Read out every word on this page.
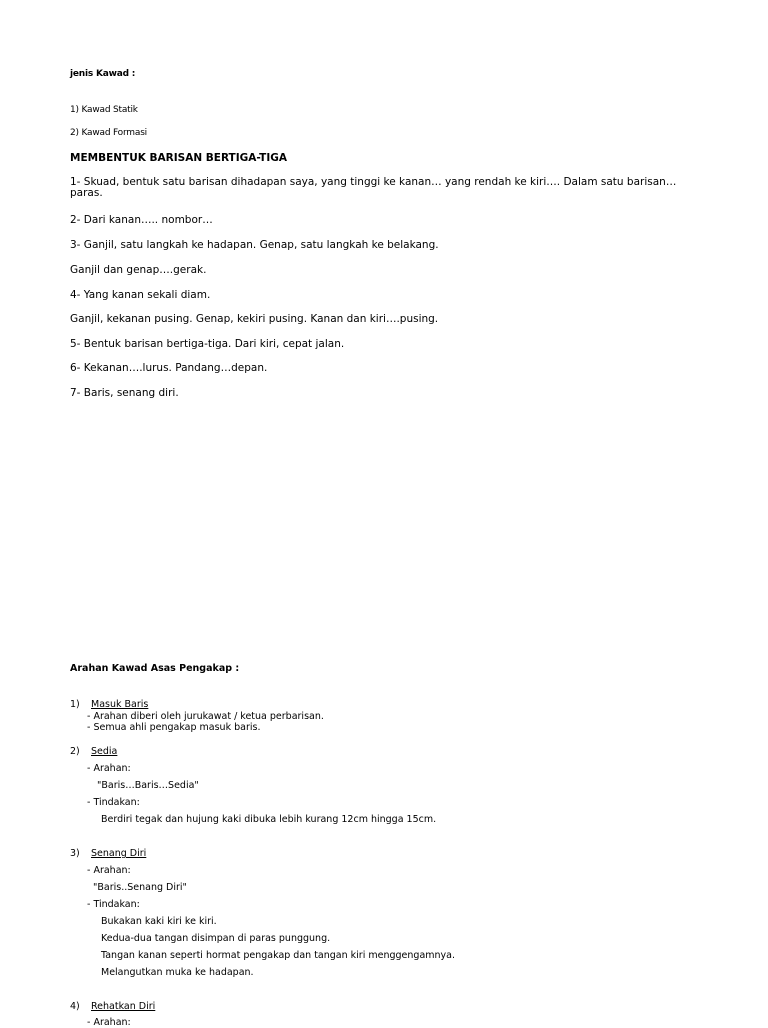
jenis Kawad :
1) Kawad Statik
2) Kawad Formasi
MEMBENTUK BARISAN BERTIGA-TIGA
1- Skuad, bentuk satu barisan dihadapan saya, yang tinggi ke kanan… yang rendah ke kiri…. Dalam satu barisan… paras.
2- Dari kanan….. nombor…
3- Ganjil, satu langkah ke hadapan. Genap, satu langkah ke belakang.
Ganjil dan genap….gerak.
4- Yang kanan sekali diam.
Ganjil, kekanan pusing. Genap, kekiri pusing. Kanan dan kiri….pusing.
5- Bentuk barisan bertiga-tiga. Dari kiri, cepat jalan.
6- Kekanan….lurus. Pandang…depan.
7- Baris, senang diri.
Arahan Kawad Asas Pengakap :
1) Masuk Baris
- Arahan diberi oleh jurukawat / ketua perbarisan.
- Semua ahli pengakap masuk baris.
2) Sedia
- Arahan:
"Baris…Baris…Sedia"
- Tindakan:
Berdiri tegak dan hujung kaki dibuka lebih kurang 12cm hingga 15cm.
3) Senang Diri
- Arahan:
"Baris..Senang Diri"
- Tindakan:
Bukakan kaki kiri ke kiri.
Kedua-dua tangan disimpan di paras punggung.
Tangan kanan seperti hormat pengakap dan tangan kiri menggengamnya.
Melangutkan muka ke hadapan.
4) Rehatkan Diri
- Arahan:
